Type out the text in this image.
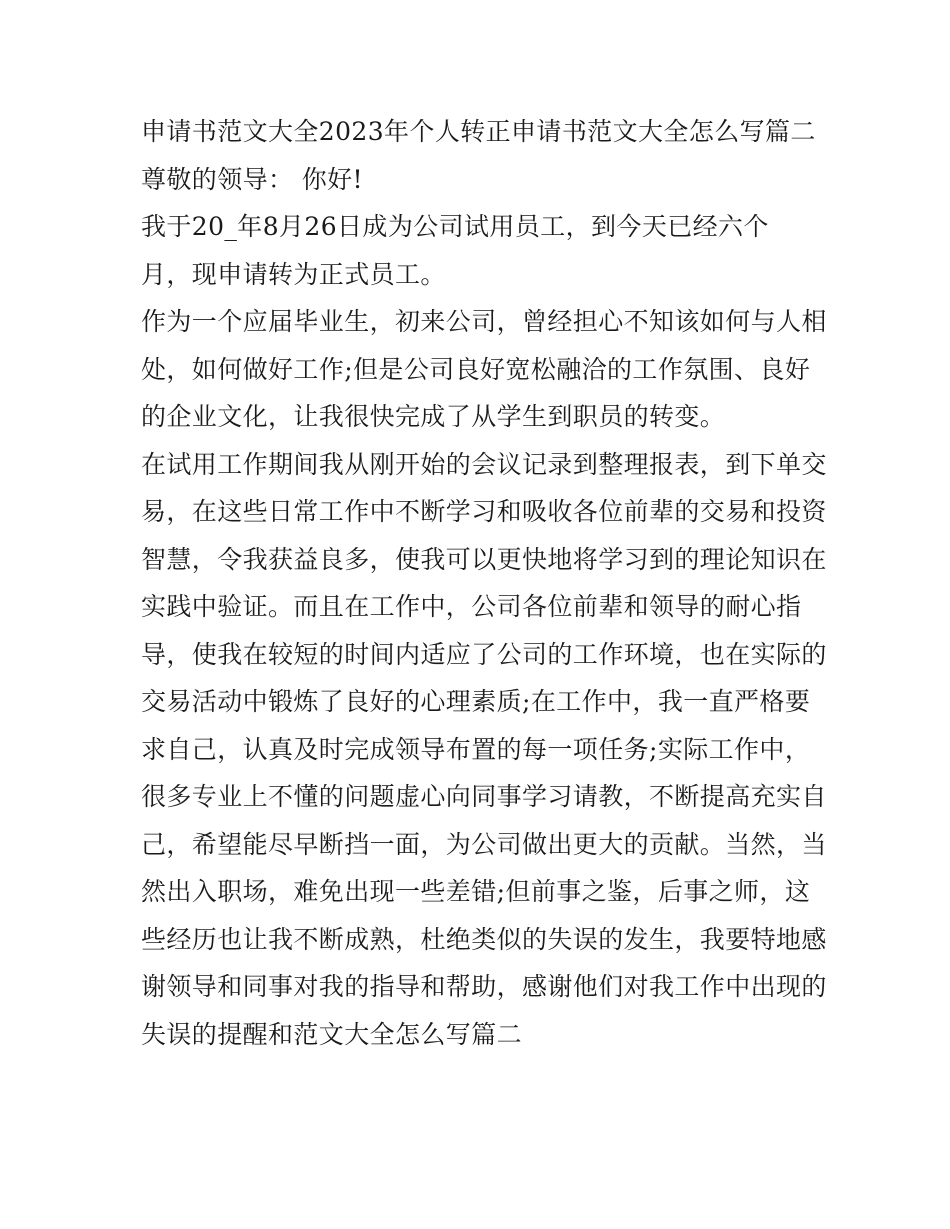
申请书范文大全2023年个人转正申请书范文大全怎么写篇二
尊敬的领导： 你好!
我于20_年8月26日成为公司试用员工，到今天已经六个
月，现申请转为正式员工。
作为一个应届毕业生，初来公司，曾经担心不知该如何与人相
处，如何做好工作;但是公司良好宽松融洽的工作氛围、良好
的企业文化，让我很快完成了从学生到职员的转变。
在试用工作期间我从刚开始的会议记录到整理报表，到下单交
易，在这些日常工作中不断学习和吸收各位前辈的交易和投资
智慧，令我获益良多，使我可以更快地将学习到的理论知识在
实践中验证。而且在工作中，公司各位前辈和领导的耐心指
导，使我在较短的时间内适应了公司的工作环境，也在实际的
交易活动中锻炼了良好的心理素质;在工作中，我一直严格要
求自己，认真及时完成领导布置的每一项任务;实际工作中，
很多专业上不懂的问题虚心向同事学习请教，不断提高充实自
己，希望能尽早断挡一面，为公司做出更大的贡献。当然，当
然出入职场，难免出现一些差错;但前事之鉴，后事之师，这
些经历也让我不断成熟，杜绝类似的失误的发生，我要特地感
谢领导和同事对我的指导和帮助，感谢他们对我工作中出现的
失误的提醒和范文大全怎么写篇二
